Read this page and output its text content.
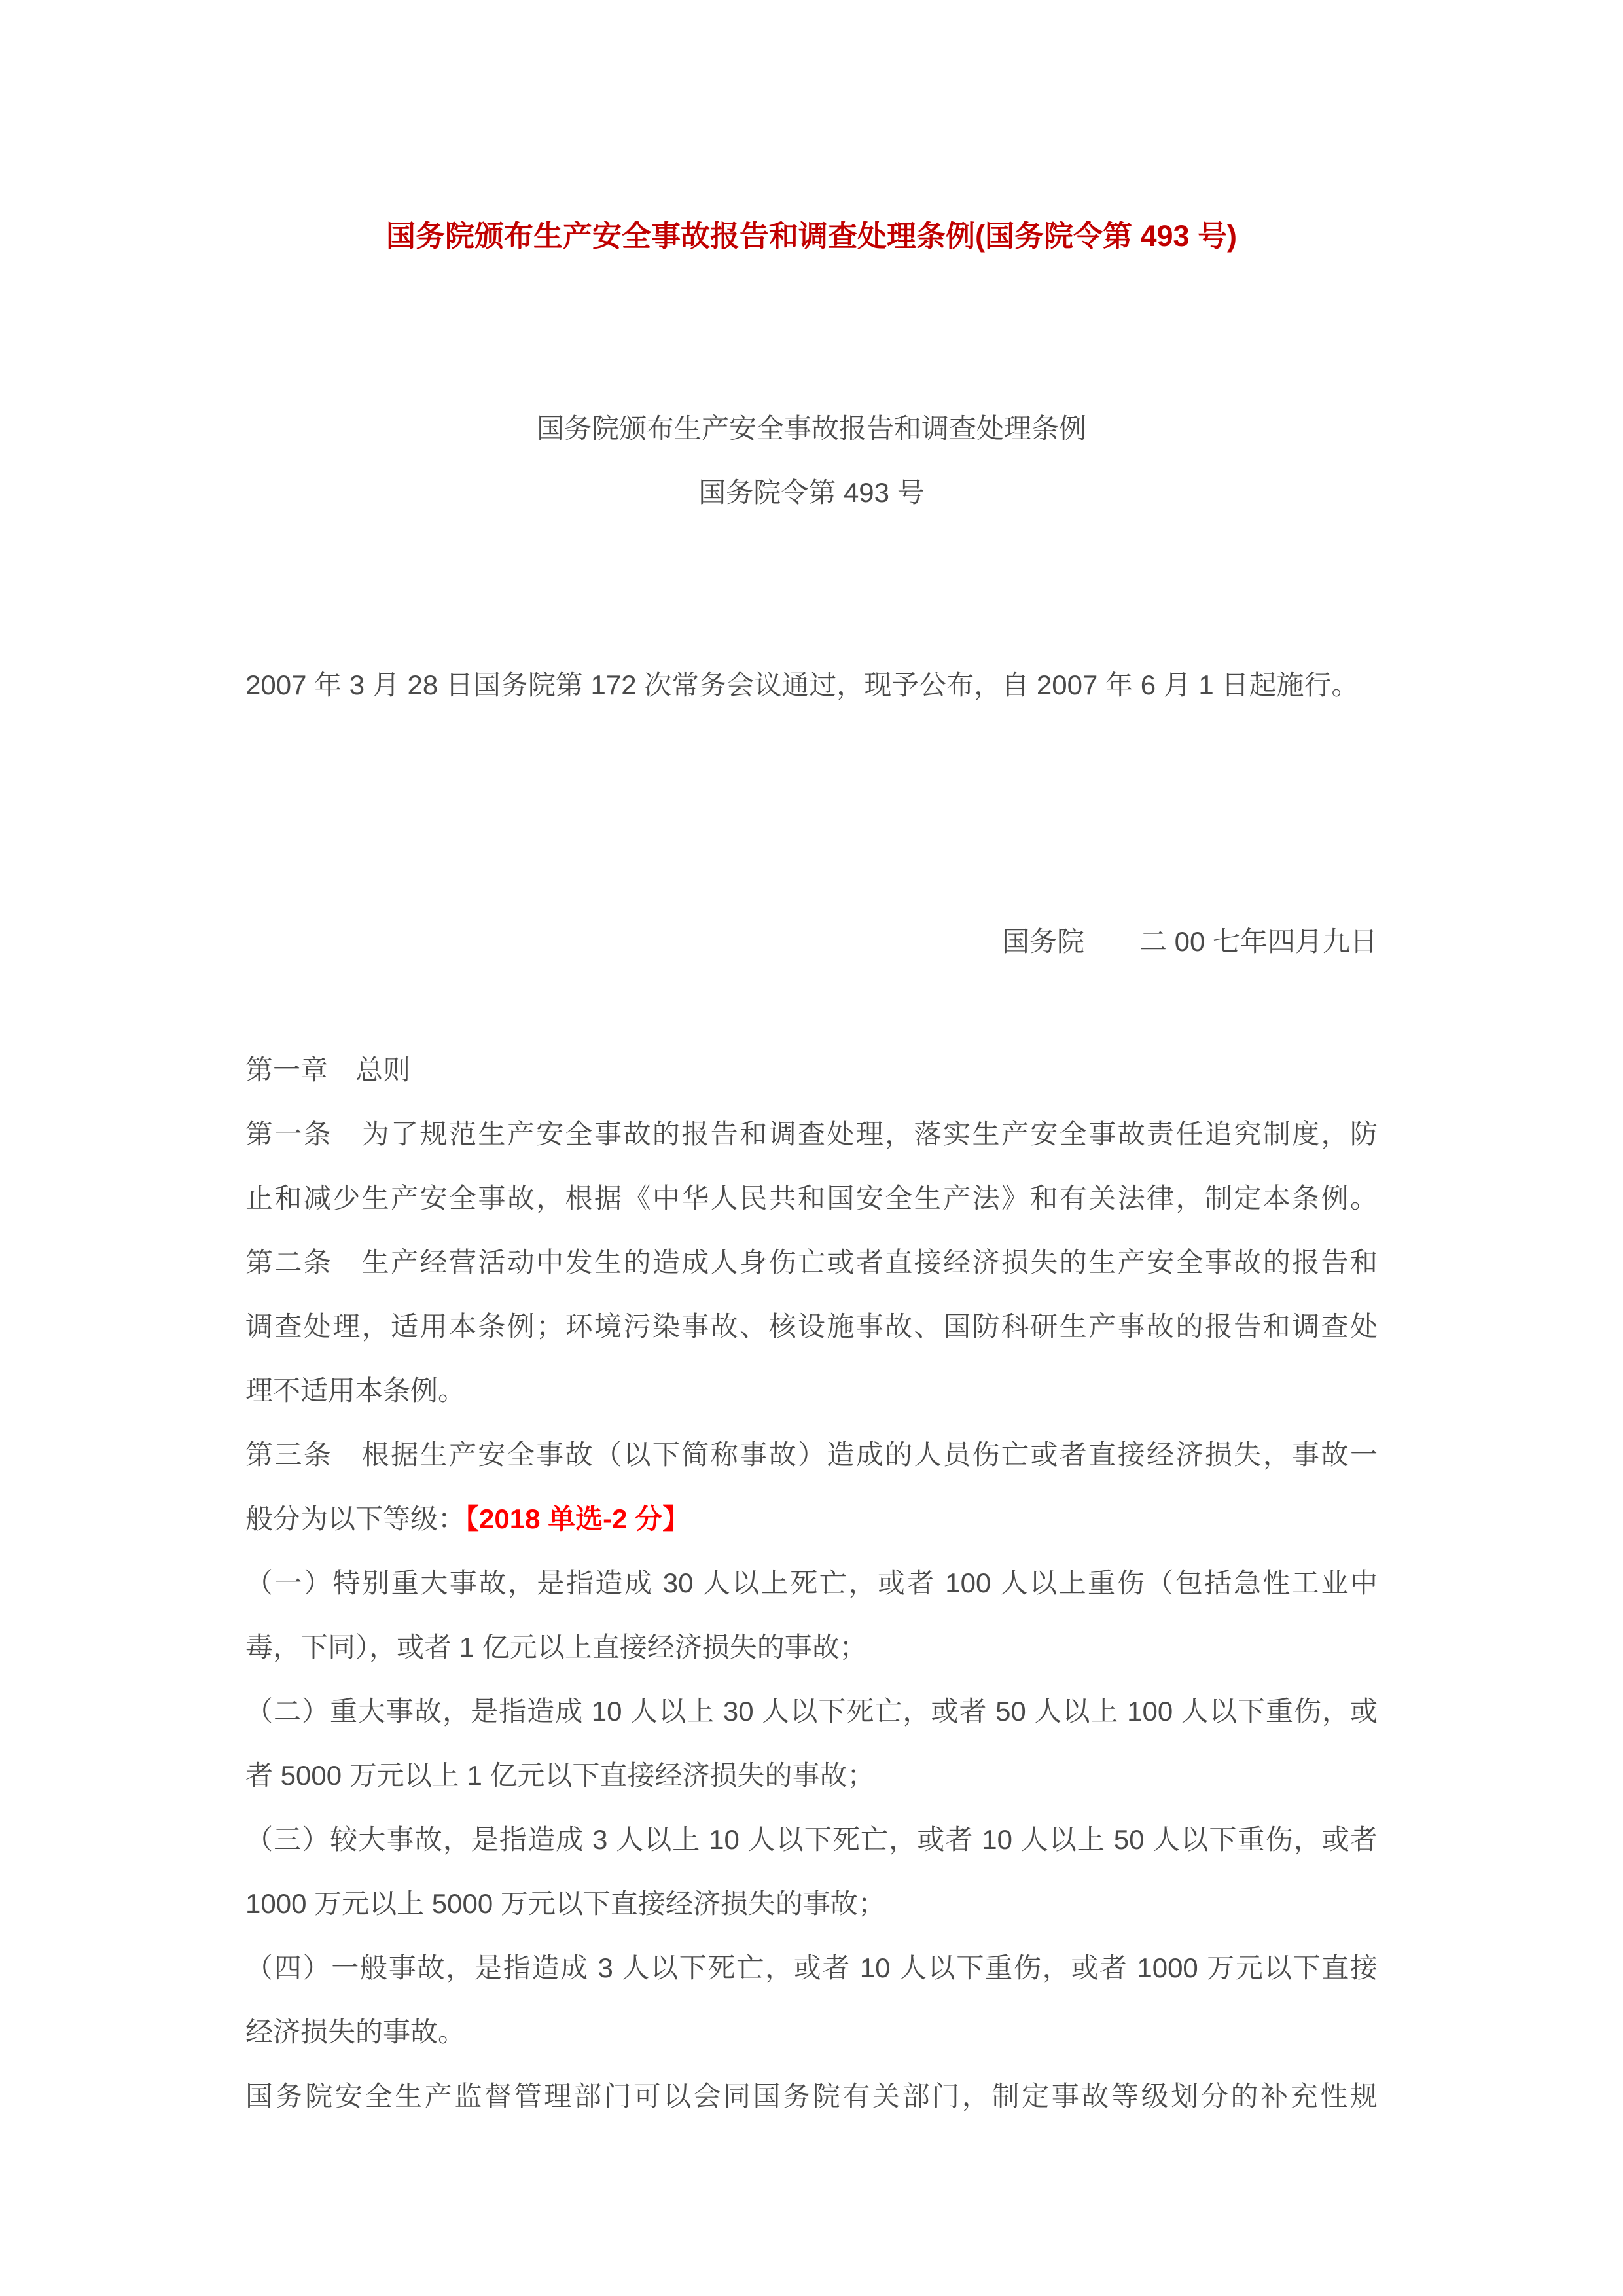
国务院颁布生产安全事故报告和调查处理条例(国务院令第 493 号)

国务院颁布生产安全事故报告和调查处理条例
国务院令第 493 号

2007 年 3 月 28 日国务院第 172 次常务会议通过，现予公布，自 2007 年 6 月 1 日起施行。

国务院　　二 00 七年四月九日

第一章　总则
第一条　为了规范生产安全事故的报告和调查处理，落实生产安全事故责任追究制度，防
止和减少生产安全事故，根据《中华人民共和国安全生产法》和有关法律，制定本条例。
第二条　生产经营活动中发生的造成人身伤亡或者直接经济损失的生产安全事故的报告和
调查处理，适用本条例；环境污染事故、核设施事故、国防科研生产事故的报告和调查处
理不适用本条例。
第三条　根据生产安全事故（以下简称事故）造成的人员伤亡或者直接经济损失，事故一
般分为以下等级：【2018 单选-2 分】
（一）特别重大事故，是指造成 30 人以上死亡，或者 100 人以上重伤（包括急性工业中
毒，下同），或者 1 亿元以上直接经济损失的事故；
（二）重大事故，是指造成 10 人以上 30 人以下死亡，或者 50 人以上 100 人以下重伤，或
者 5000 万元以上 1 亿元以下直接经济损失的事故；
（三）较大事故，是指造成 3 人以上 10 人以下死亡，或者 10 人以上 50 人以下重伤，或者
1000 万元以上 5000 万元以下直接经济损失的事故；
（四）一般事故，是指造成 3 人以下死亡，或者 10 人以下重伤，或者 1000 万元以下直接
经济损失的事故。
国务院安全生产监督管理部门可以会同国务院有关部门，制定事故等级划分的补充性规
